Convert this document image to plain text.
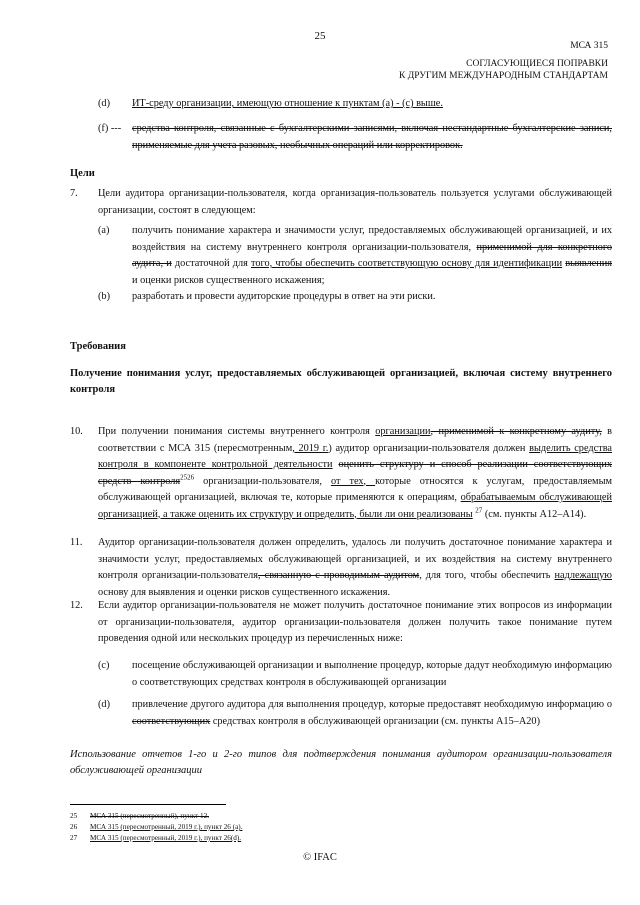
25
МСА 315
СОГЛАСУЮЩИЕСЯ ПОПРАВКИ
К ДРУГИМ МЕЖДУНАРОДНЫМ СТАНДАРТАМ
(d) ИТ-среду организации, имеющую отношение к пунктам (a) - (c) выше.
(f) --- средства контроля, связанные с бухгалтерскими записями, включая нестандартные бухгалтерские записи, применяемые для учета разовых, необычных операций или корректировок.
Цели
7. Цели аудитора организации-пользователя, когда организация-пользователь пользуется услугами обслуживающей организации, состоят в следующем:
(a) получить понимание характера и значимости услуг, предоставляемых обслуживающей организацией, и их воздействия на систему внутреннего контроля организации-пользователя, применимой для конкретного аудита, и достаточной для того, чтобы обеспечить соответствующую основу для идентификации выявления и оценки рисков существенного искажения;
(b) разработать и провести аудиторские процедуры в ответ на эти риски.
Требования
Получение понимания услуг, предоставляемых обслуживающей организацией, включая систему внутреннего контроля
10. При получении понимания системы внутреннего контроля организации, применимой к конкретному аудиту, в соответствии с МСА 315 (пересмотренным, 2019 г.) аудитор организации-пользователя должен выделить средства контроля в компоненте контрольной деятельности оценить структуру и способ реализации соответствующих средств контроля$^{2526}$ организации-пользователя, от тех, которые относятся к услугам, предоставляемым обслуживающей организацией, включая те, которые применяются к операциям, обрабатываемым обслуживающей организацией, а также оценить их структуру и определить, были ли они реализованы $^{27}$ (см. пункты A12–A14).
11. Аудитор организации-пользователя должен определить, удалось ли получить достаточное понимание характера и значимости услуг, предоставляемых обслуживающей организацией, и их воздействия на систему внутреннего контроля организации-пользователя, связанную с проводимым аудитом, для того, чтобы обеспечить надлежащую основу для выявления и оценки рисков существенного искажения.
12. Если аудитор организации-пользователя не может получить достаточное понимание этих вопросов из информации от организации-пользователя, аудитор организации-пользователя должен получить такое понимание путем проведения одной или нескольких процедур из перечисленных ниже:
(c) посещение обслуживающей организации и выполнение процедур, которые дадут необходимую информацию о соответствующих средствах контроля в обслуживающей организации
(d) привлечение другого аудитора для выполнения процедур, которые предоставят необходимую информацию о соответствующих средствах контроля в обслуживающей организации (см. пункты A15–A20)
Использование отчетов 1-го и 2-го типов для подтверждения понимания аудитором организации-пользователя обслуживающей организации
25 МСА 315 (пересмотренный), пункт 12.
26 МСА 315 (пересмотренный, 2019 г.), пункт 26 (a).
27 МСА 315 (пересмотренный, 2019 г.), пункт 26(d).
© IFAC
